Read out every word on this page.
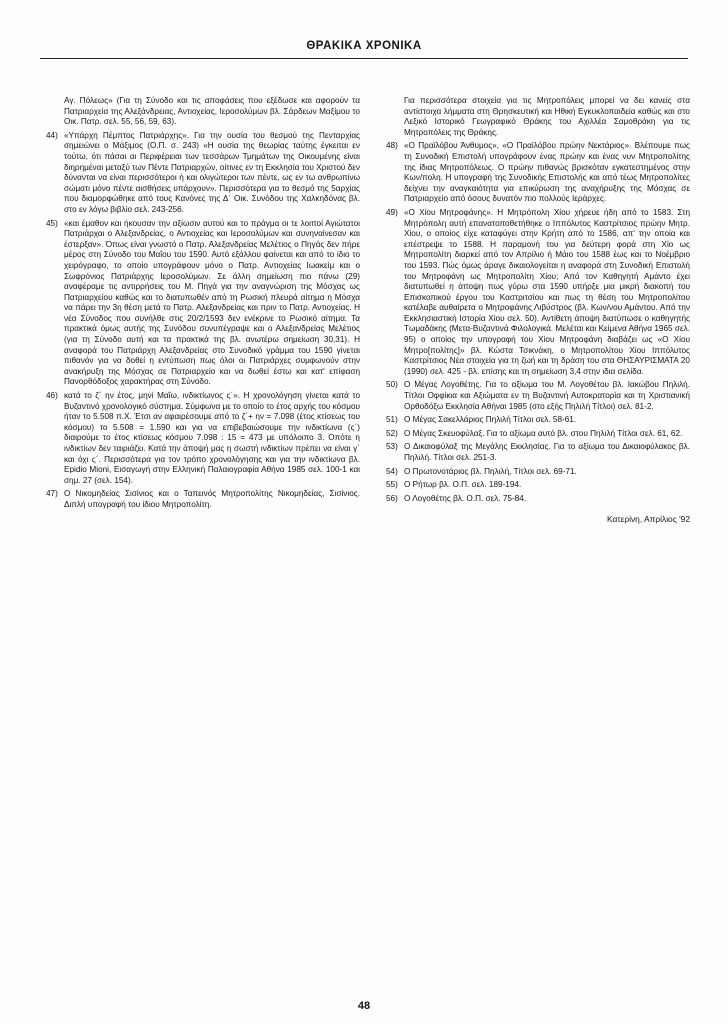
ΘΡΑΚΙΚΑ ΧΡΟΝΙΚΑ

Αγ. Πόλεως» (Για τη Σύνοδο και τις αποφάσεις που εξέδωσε και αφορούν τα Πατριαρχεία της Αλεξάνδρειας, Αντιοχείας, Ιεροσολύμων βλ. Σάρδεων Μαξίμου το Οικ. Πατρ. σελ. 55, 56, 59, 63).

44) «Υπάρχη Πέμπτος Πατριάρχης». Για την ουσία του θεσμού της Πενταρχίας σημειώνει ο Μάξιμος (Ο.Π. σ. 243) «Η ουσία της θεωρίας ταύτης έγκειται εν τούτω, ότι πάσαι αι Περιφέρειαι των τεσσάρων Τμημάτων της Οικουμένης είναι διηρημέναι μεταξύ των Πέντε Πατριαρχών, οίτινες εν τη Εκκλησία του Χριστού δεν δύνανται να είναι περισσότεροι ή και ολιγώτεροι των πέντε, ως εν τω ανθρωπίνω σώματι μόνο πέντε αισθήσεις υπάρχουν». Περισσότερα για το θεσμό της 5αρχίας που διαμορφώθηκε από τους Κανόνες της Δ΄ Οικ. Συνόδου της Χαλκηδόνας βλ. στο εν λόγω βιβλίο σελ. 243-256.

45) «και έμαθον και ήκουσαν την αξίωσιν αυτού και το πράγμα οι τε λοιποί Αγιώτατοι Πατριάρχαι ο Αλεξανδρείας, ο Αντιοχείας και Ιεροσολύμων και συνηναίνεσαν και έστερξαν». Όπως είναι γνωστό ο Πατρ. Αλεξανδρείας Μελέτιος ο Πηγάς δεν πήρε μέρος στη Σύνοδο του Μαΐου του 1590. Αυτό εξάλλου φαίνεται και από το ίδιο το χειρόγραφο, το οποίο υπογράφουν μόνο ο Πατρ. Αντιοχείας Ιωακείμ και ο Σωφρόνιος Πατριάρχης Ιεροσολύμων. Σε άλλη σημείωση πιο πάνω (29) αναφέραμε τις αντιρρήσεις του Μ. Πηγά για την αναγνώριση της Μόσχας ως Πατριαρχείου καθώς και το διατυπωθέν από τη Ρωσική πλευρά αίτημα η Μόσχα να πάρει την 3η θέση μετά το Πατρ. Αλεξανδρείας και πριν το Πατρ. Αντιοχείας. Η νέα Σύνοδος που συνήλθε στις 20/2/1593 δεν ενέκρινε το Ρωσικό αίτημα. Τα πρακτικά όμως αυτής της Συνόδου συνυπέγραψε και ο Αλεξανδρείας Μελέτιος (για τη Σύνοδο αυτή και τα πρακτικά της βλ. ανωτέρω σημείωση 30,31). Η αναφορά του Πατριάρχη Αλεξανδρείας στο Συνοδικό γράμμα του 1590 γίνεται πιθανόν για να δοθεί η εντύπωση πως όλοι οι Πατριάρχες συμφωνούν στην ανακήρυξη της Μόσχας σε Πατριαρχείο και να δωθεί έστω και κατ' επίφαση Πανορθόδοξος χαρακτήρας στη Σύνοδο.

46) κατά το ζ΄ ην έτος, μηνί Μαΐω, ινδικτίωνος ς΄». Η χρονολόγηση γίνεται κατά το Βυζαντινό χρονολογικό σύστημα. Σύμφωνα με το οποίο το έτος αρχής του κόσμου ήταν το 5.508 π.Χ. Έτσι αν αφαιρέσουμε από το ζ΄+ ην = 7.098 (έτος κτίσεως του κόσμου) το 5.508 = 1.590 και για να επιβεβαιώσουμε την ινδικτίωνα (ς΄) διαιρούμε το έτος κτίσεως κόσμου 7.098 : 15 = 473 με υπόλοιπο 3. Οπότε η ινδικτίων δεν ταιριάζει. Κατά την άποψή μας η σωστή ινδικτίων πρέπει να είναι γ΄ και όχι ς΄. Περισσότερα για τον τρόπο χρονολόγησης και για την ινδικτίωνα βλ. Epidio Mioni, Εισαγωγή στην Ελληνική Παλαιογραφία Αθήνα 1985 σελ. 100-1 και σημ. 27 (σελ. 154).

47) Ο Νικομηδείας Σισίνιος και ο Ταπεινός Μητροπολίτης Νικομηδείας, Σισίνιος. Διπλή υπογραφή του ίδιου Μητροπολίτη.

Για περισσότερα στοιχεία για τις Μητροπόλεις μπορεί να δει κανείς στα αντίστοιχα λήμματα στη Θρησκευτική και Ηθική Εγκυκλοπαιδεία καθώς και στο Λεξικό Ιστορικό Γεωγραφικό Θράκης του Αχιλλέα Σαμοθράκη για τις Μητροπόλεις της Θράκης.

48) «Ο Πραϊλόβου Άνθυμος», «Ο Πραϊλόβου πρώην Νεκτάριος». Βλέπουμε πως τη Συνοδική Επιστολή υπογράφουν ένας πρώην και ένας νυν Μητροπολίτης της ίδιας Μητροπόλεως. Ο πρώην πιθανώς βρισκόταν εγκατεστημένος στην Κων/πολη. Η υπογραφή της Συνοδικής Επιστολής και από τέως Μητροπολίτες δείχνει την αναγκαιότητα για επικύρωση της αναχήρυξης της Μόσχας σε Πατριαρχείο από όσους δυνατόν πιο πολλούς Ιεράρχες.

49) «Ο Χίου Μητροφάνης». Η Μητρόπολη Χίου χήρευε ήδη από το 1583. Στη Μητρόπολη αυτή επανατοποθετήθηκε ο Ιππόλυτος Καστρίτσιος πρώην Μητρ. Χίου, ο οποίος είχε καταφύγει στην Κρήτη από το 1586, απ' την οποία και επέστρεψε το 1588. Η παραμονή του για δεύτερη φορά στη Χίο ως Μητροπολίτη διαρκεί από τον Απρίλιο ή Μάιο του 1588 έως και το Νοέμβριο του 1593. Πώς όμως άραγε δικαιολογείται η αναφορά στη Συνοδική Επιστολή του Μητροφάνη ως Μητροπολίτη Χίου; Από τον Καθηγητή Αμάντο έχει διατυπωθεί η άποψη πως γύρω στα 1590 υπήρξε μια μικρή διακοπή του Επισκοπικού έργου του Καστριτσίου και πως τη θέση του Μητροπολίτου κατέλαβε αυθαίρετα ο Μητροφάνης Λιβύστρος (βλ. Κων/νου Αμάντου. Από την Εκκλησιαστική Ιστορία Χίου σελ. 50). Αντίθετη άποψη διατύπωσε ο καθηγητής Τωμαδάκης (Μετα-Βυζαντινά Φιλολογικά. Μελέται και Κείμενα Αθήνα 1965 σελ. 95) ο οποίος την υπογραφή του Χίου Μητροφάνη διαβάζει ως «Ο Χίου Μητρο[πολίτης]» βλ. Κώστα Τσικνάκη, ο Μητροπολίτου Χίου Ιππόλυτος Καστρίτσιος Νέα στοιχεία για τη ζωή και τη δράση του στα ΘΗΣΑΥΡΙΣΜΑΤΑ 20 (1990) σελ. 425 - βλ. επίσης και τη σημείωση 3,4 στην ιδια σελίδα.

50) Ο Μέγας Λογοθέτης. Για το αξίωμα του Μ. Λογοθέτου βλ. Ιακώβου Πηλιλή. Τίτλοι Οφφίκια και Αξιώματα εν τη Βυζαντινή Αυτοκρατορία και τη Χριστιανική Ορθοδόξω Εκκλησία Αθήναι 1985 (στο εξής Πηλιλή Τίτλοι) σελ. 81-2.

51) Ο Μέγας Σακελλάριος Πηλιλή Τίτλοι σελ. 58-61.

52) Ο Μέγας Σκευοφύλαξ. Για το αξίωμα αυτό βλ. στου Πηλιλή Τίτλοι σελ. 61, 62.

53) Ο Δικαιοφύλαξ της Μεγάλης Εκκλησίας. Για το αξίωμα του Δικαιοφύλακος βλ. Πηλιλή. Τίτλοι σελ. 251-3.

54) Ο Πρωτονοτάριος βλ. Πηλιλή, Τίτλοι σελ. 69-71.

55) Ο Ρήτωρ βλ. Ο.Π. σελ. 189-194.

56) Ο Λογοθέτης βλ. Ο.Π. σελ. 75-84.

Κατερίνη, Απρίλιος '92
48
